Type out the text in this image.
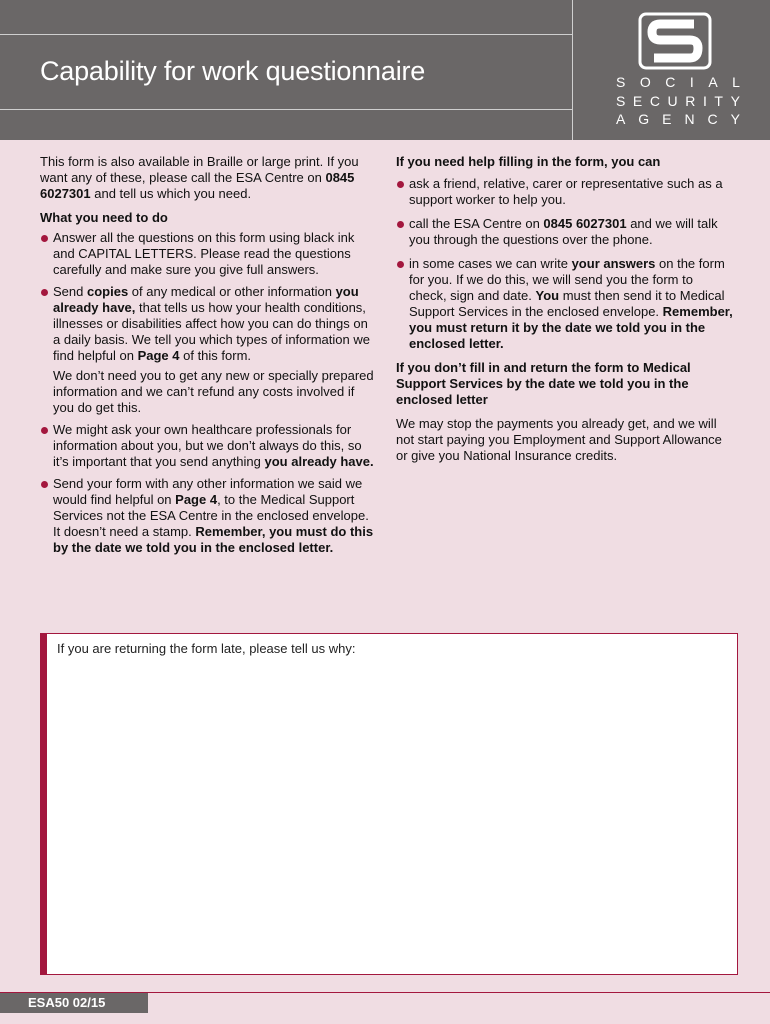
Capability for work questionnaire	S O C I A L
S E C U R I T Y
A G E N C Y

This form is also available in Braille or large print. If you want any of these, please call the ESA Centre on 0845 6027301 and tell us which you need.

What you need to do

Answer all the questions on this form using black ink and CAPITAL LETTERS. Please read the questions carefully and make sure you give full answers.
Send copies of any medical or other information you already have, that tells us how your health conditions, illnesses or disabilities affect how you can do things on a daily basis. We tell you which types of information we find helpful on Page 4 of this form.
We don’t need you to get any new or specially prepared information and we can’t refund any costs involved if you do get this.
We might ask your own healthcare professionals for information about you, but we don’t always do this, so it’s important that you send anything you already have.
Send your form with any other information we said we would find helpful on Page 4, to the Medical Support Services not the ESA Centre in the enclosed envelope. It doesn’t need a stamp. Remember, you must do this by the date we told you in the enclosed letter.

If you need help filling in the form, you can

ask a friend, relative, carer or representative such as a support worker to help you.
call the ESA Centre on 0845 6027301 and we will talk you through the questions over the phone.
in some cases we can write your answers on the form for you. If we do this, we will send you the form to check, sign and date. You must then send it to Medical Support Services in the enclosed envelope. Remember, you must return it by the date we told you in the enclosed letter.

If you don’t fill in and return the form to Medical Support Services by the date we told you in the enclosed letter

We may stop the payments you already get, and we will not start paying you Employment and Support Allowance or give you National Insurance credits.

If you are returning the form late, please tell us why:
ESA50 02/15
